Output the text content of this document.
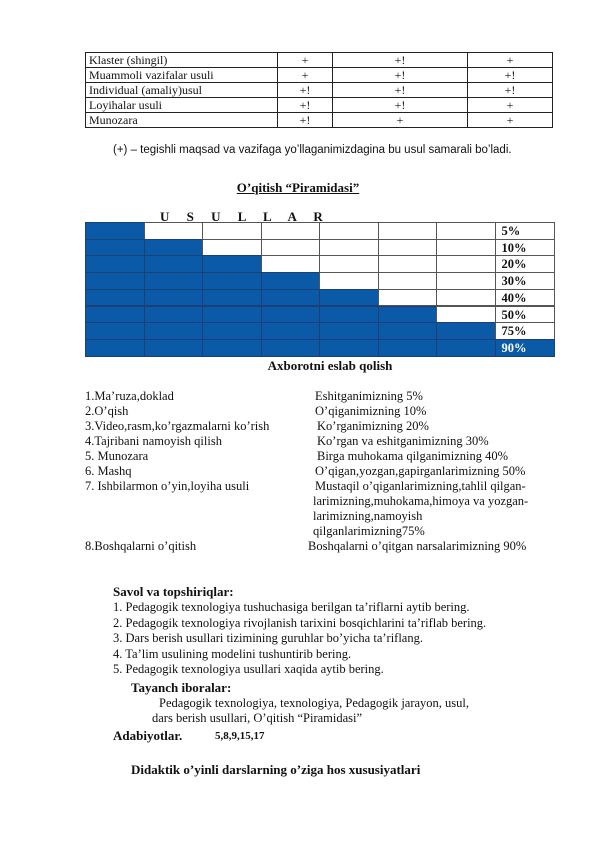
Klaster (shingil)	+	+!	+
Muammoli vazifalar usuli	+	+!	+!
Individual (amaliy)usul	+!	+!	+!
Loyihalar usuli	+!	+!	+
Munozara	+!	+	+
(+) – tegishli maqsad va vazifaga yo’llaganimizdagina bu usul samarali bo’ladi.
O’qitish “Piramidasi”
U S U L L A R
5%
10%
20%
30%
40%
50%
75%
90%
Axborotni eslab qolish
1.Ma’ruza,doklad	Eshitganimizning 5%
2.O’qish	O’qiganimizning 10%
3.Video,rasm,ko’rgazmalarni ko’rish	Ko’rganimizning 20%
4.Tajribani namoyish qilish	Ko’rgan va eshitganimizning 30%
5. Munozara	Birga muhokama qilganimizning 40%
6. Mashq	O’qigan,yozgan,gapirganlarimizning 50%
7. Ishbilarmon o’yin,loyiha usuli	Mustaqil o’qiganlarimizning,tahlil qilgan-
larimizning,muhokama,himoya va yozgan-
larimizning,namoyish
qilganlarimizning75%
8.Boshqalarni o’qitish	Boshqalarni o’qitgan narsalarimizning 90%
Savol va topshiriqlar:
1. Pedagogik texnologiya tushuchasiga berilgan ta’riflarni aytib bering.
2. Pedagogik texnologiya rivojlanish tarixini bosqichlarini ta’riflab bering.
3. Dars berish usullari tizimining guruhlar bo’yicha ta’riflang.
4. Ta’lim usulining modelini tushuntirib bering.
5. Pedagogik texnologiya usullari xaqida aytib bering.
Tayanch iboralar:
Pedagogik texnologiya, texnologiya, Pedagogik jarayon, usul,
dars berish usullari, O’qitish “Piramidasi”
Adabiyotlar.	5,8,9,15,17
Didaktik o’yinli darslarning o’ziga hos xususiyatlari
